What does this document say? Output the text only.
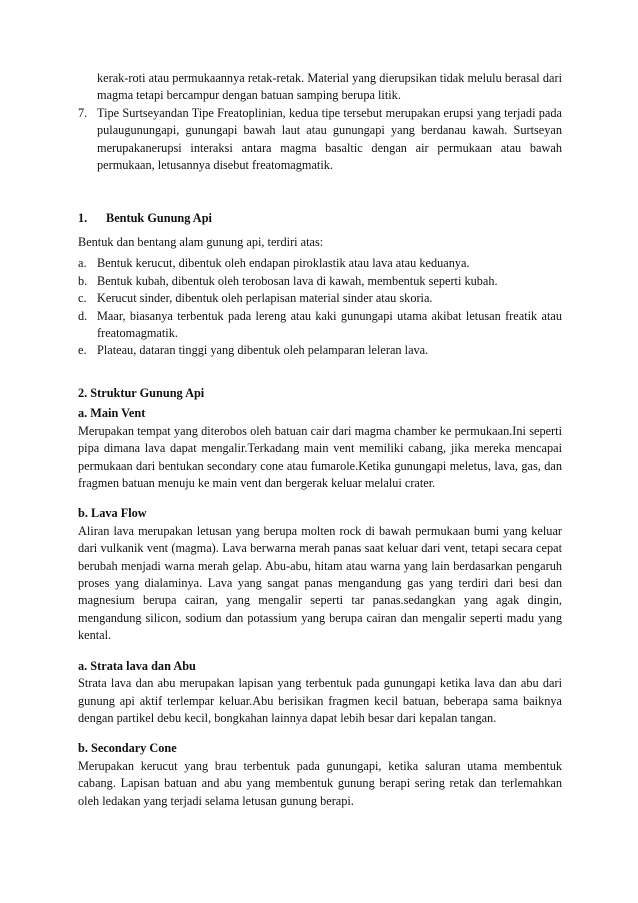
kerak-roti atau permukaannya retak-retak. Material yang dierupsikan tidak melulu berasal dari magma tetapi bercampur dengan batuan samping berupa litik.

7. Tipe Surtseyandan Tipe Freatoplinian, kedua tipe tersebut merupakan erupsi yang terjadi pada pulaugunungapi, gunungapi bawah laut atau gunungapi yang berdanau kawah. Surtseyan merupakanerupsi interaksi antara magma basaltic dengan air permukaan atau bawah permukaan, letusannya disebut freatomagmatik.
1. Bentuk Gunung Api

Bentuk dan bentang alam gunung api, terdiri atas:

a. Bentuk kerucut, dibentuk oleh endapan piroklastik atau lava atau keduanya.
b. Bentuk kubah, dibentuk oleh terobosan lava di kawah, membentuk seperti kubah.
c. Kerucut sinder, dibentuk oleh perlapisan material sinder atau skoria.
d. Maar, biasanya terbentuk pada lereng atau kaki gunungapi utama akibat letusan freatik atau freatomagmatik.
e. Plateau, dataran tinggi yang dibentuk oleh pelamparan leleran lava.
2. Struktur Gunung Api
a. Main Vent

Merupakan tempat yang diterobos oleh batuan cair dari magma chamber ke permukaan.Ini seperti pipa dimana lava dapat mengalir.Terkadang main vent memiliki cabang, jika mereka mencapai permukaan dari bentukan secondary cone atau fumarole.Ketika gunungapi meletus, lava, gas, dan fragmen batuan menuju ke main vent dan bergerak keluar melalui crater.

b. Lava Flow

Aliran lava merupakan letusan yang berupa molten rock di bawah permukaan bumi yang keluar dari vulkanik vent (magma). Lava berwarna merah panas saat keluar dari vent, tetapi secara cepat berubah menjadi warna merah gelap. Abu-abu, hitam atau warna yang lain berdasarkan pengaruh proses yang dialaminya. Lava yang sangat panas mengandung gas yang terdiri dari besi dan magnesium berupa cairan, yang mengalir seperti tar panas.sedangkan yang agak dingin, mengandung silicon, sodium dan potassium yang berupa cairan dan mengalir seperti madu yang kental.

a. Strata lava dan Abu

Strata lava dan abu merupakan lapisan yang terbentuk pada gunungapi ketika lava dan abu dari gunung api aktif terlempar keluar.Abu berisikan fragmen kecil batuan, beberapa sama baiknya dengan partikel debu kecil, bongkahan lainnya dapat lebih besar dari kepalan tangan.

b. Secondary Cone

Merupakan kerucut yang brau terbentuk pada gunungapi, ketika saluran utama membentuk cabang. Lapisan batuan and abu yang membentuk gunung berapi sering retak dan terlemahkan oleh ledakan yang terjadi selama letusan gunung berapi.
